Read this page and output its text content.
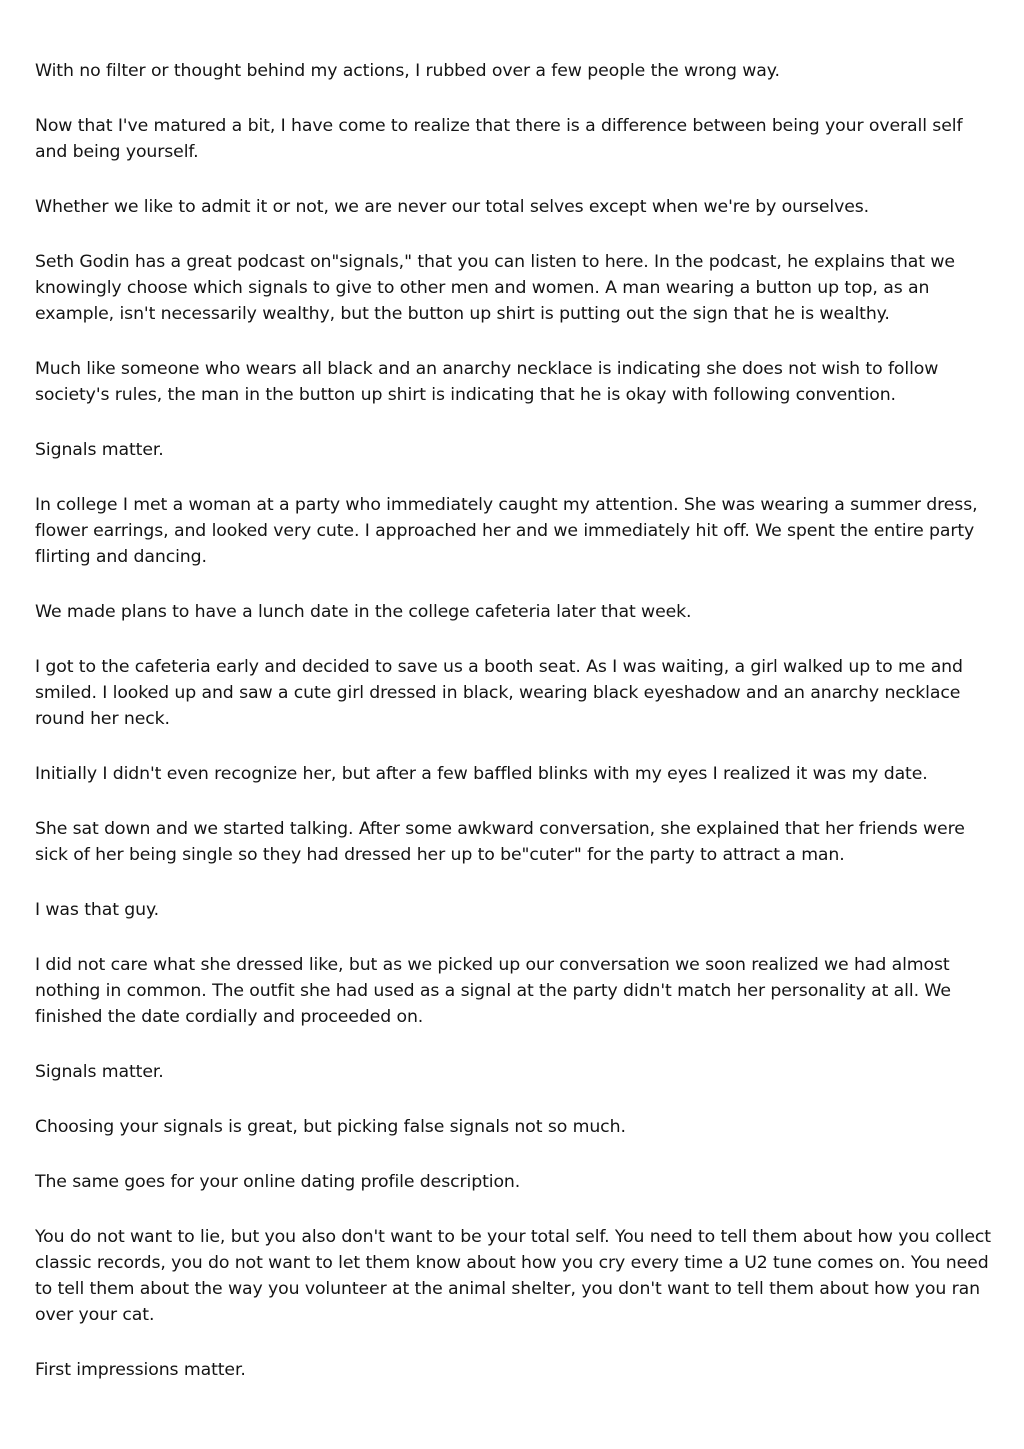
With no filter or thought behind my actions, I rubbed over a few people the wrong way.

Now that I've matured a bit, I have come to realize that there is a difference between being your overall self and being yourself.

Whether we like to admit it or not, we are never our total selves except when we're by ourselves.

Seth Godin has a great podcast on"signals," that you can listen to here. In the podcast, he explains that we knowingly choose which signals to give to other men and women. A man wearing a button up top, as an example, isn't necessarily wealthy, but the button up shirt is putting out the sign that he is wealthy.

Much like someone who wears all black and an anarchy necklace is indicating she does not wish to follow society's rules, the man in the button up shirt is indicating that he is okay with following convention.

Signals matter.

In college I met a woman at a party who immediately caught my attention. She was wearing a summer dress, flower earrings, and looked very cute. I approached her and we immediately hit off. We spent the entire party flirting and dancing.

We made plans to have a lunch date in the college cafeteria later that week.

I got to the cafeteria early and decided to save us a booth seat. As I was waiting, a girl walked up to me and smiled. I looked up and saw a cute girl dressed in black, wearing black eyeshadow and an anarchy necklace round her neck.

Initially I didn't even recognize her, but after a few baffled blinks with my eyes I realized it was my date.

She sat down and we started talking. After some awkward conversation, she explained that her friends were sick of her being single so they had dressed her up to be"cuter" for the party to attract a man.

I was that guy.

I did not care what she dressed like, but as we picked up our conversation we soon realized we had almost nothing in common. The outfit she had used as a signal at the party didn't match her personality at all. We finished the date cordially and proceeded on.

Signals matter.

Choosing your signals is great, but picking false signals not so much.

The same goes for your online dating profile description.

You do not want to lie, but you also don't want to be your total self. You need to tell them about how you collect classic records, you do not want to let them know about how you cry every time a U2 tune comes on. You need to tell them about the way you volunteer at the animal shelter, you don't want to tell them about how you ran over your cat.

First impressions matter.
